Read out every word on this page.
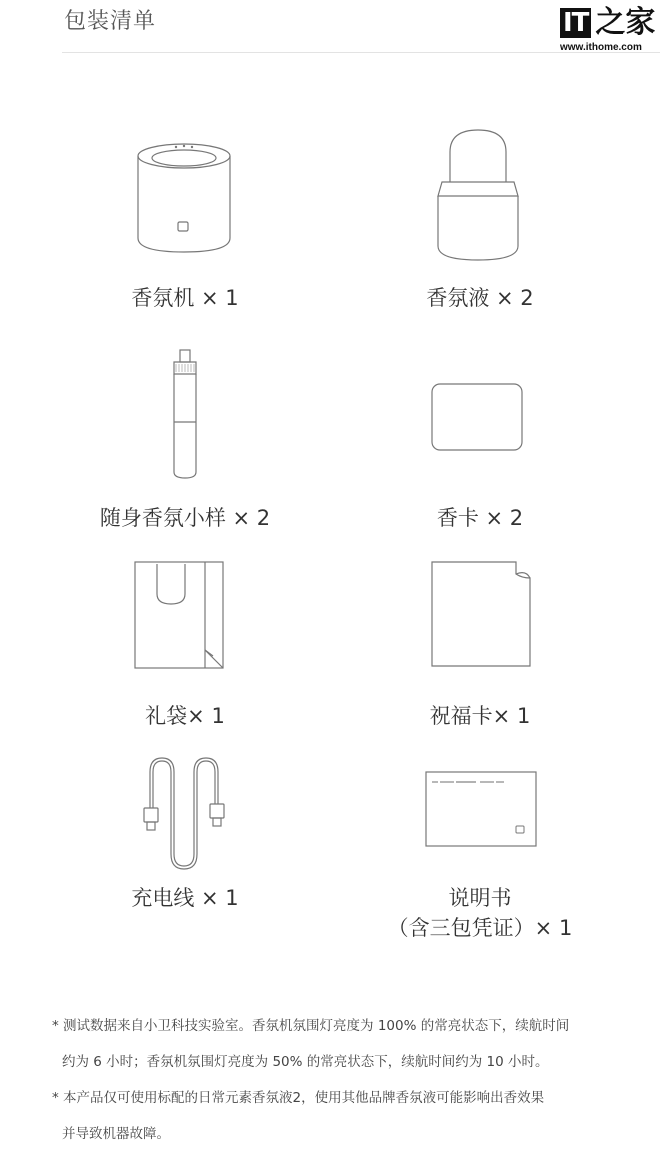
包装清单	IT 之家
www.ithome.com
香氛机 × 1	香氛液 × 2
随身香氛小样 × 2	香卡 × 2
礼袋× 1	祝福卡× 1
充电线 × 1	说明书
（含三包凭证）× 1
* 测试数据来自小卫科技实验室。香氛机氛围灯亮度为 100% 的常亮状态下，续航时间
约为 6 小时；香氛机氛围灯亮度为 50% 的常亮状态下，续航时间约为 10 小时。
* 本产品仅可使用标配的日常元素香氛液2，使用其他品牌香氛液可能影响出香效果
并导致机器故障。
